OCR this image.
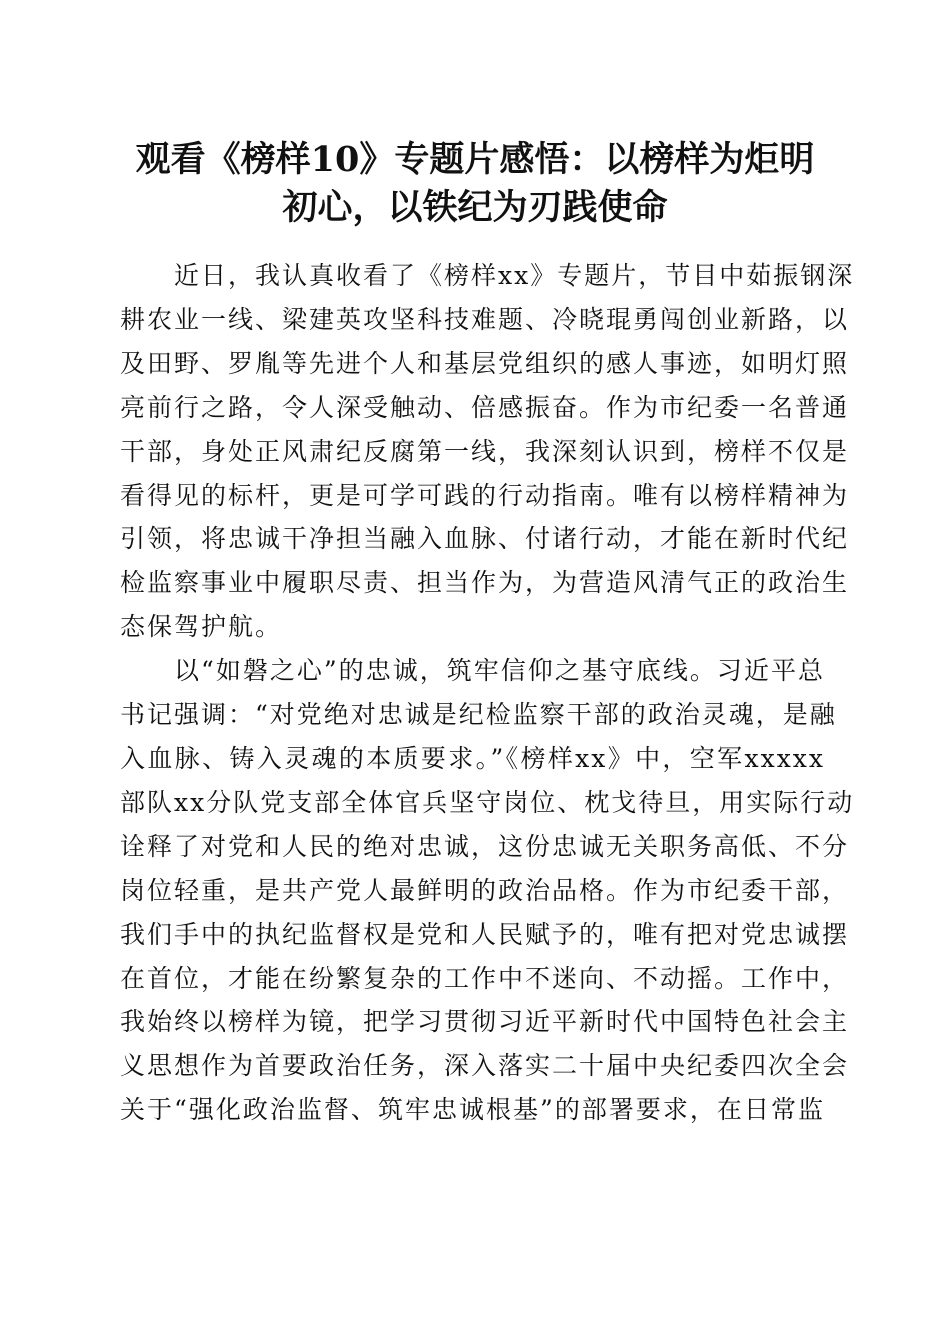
观看《榜样10》专题片感悟：以榜样为炬明
初心，以铁纪为刃践使命
近日，我认真收看了《榜样xx》专题片，节目中茹振钢深
耕农业一线、梁建英攻坚科技难题、冷晓琨勇闯创业新路，以
及田野、罗胤等先进个人和基层党组织的感人事迹，如明灯照
亮前行之路，令人深受触动、倍感振奋。作为市纪委一名普通
干部，身处正风肃纪反腐第一线，我深刻认识到，榜样不仅是
看得见的标杆，更是可学可践的行动指南。唯有以榜样精神为
引领，将忠诚干净担当融入血脉、付诸行动，才能在新时代纪
检监察事业中履职尽责、担当作为，为营造风清气正的政治生
态保驾护航。
以“如磐之心”的忠诚，筑牢信仰之基守底线。习近平总
书记强调：“对党绝对忠诚是纪检监察干部的政治灵魂，是融
入血脉、铸入灵魂的本质要求。”《榜样xx》中，空军xxxxx
部队xx分队党支部全体官兵坚守岗位、枕戈待旦，用实际行动
诠释了对党和人民的绝对忠诚，这份忠诚无关职务高低、不分
岗位轻重，是共产党人最鲜明的政治品格。作为市纪委干部，
我们手中的执纪监督权是党和人民赋予的，唯有把对党忠诚摆
在首位，才能在纷繁复杂的工作中不迷向、不动摇。工作中，
我始终以榜样为镜，把学习贯彻习近平新时代中国特色社会主
义思想作为首要政治任务，深入落实二十届中央纪委四次全会
关于“强化政治监督、筑牢忠诚根基”的部署要求，在日常监
